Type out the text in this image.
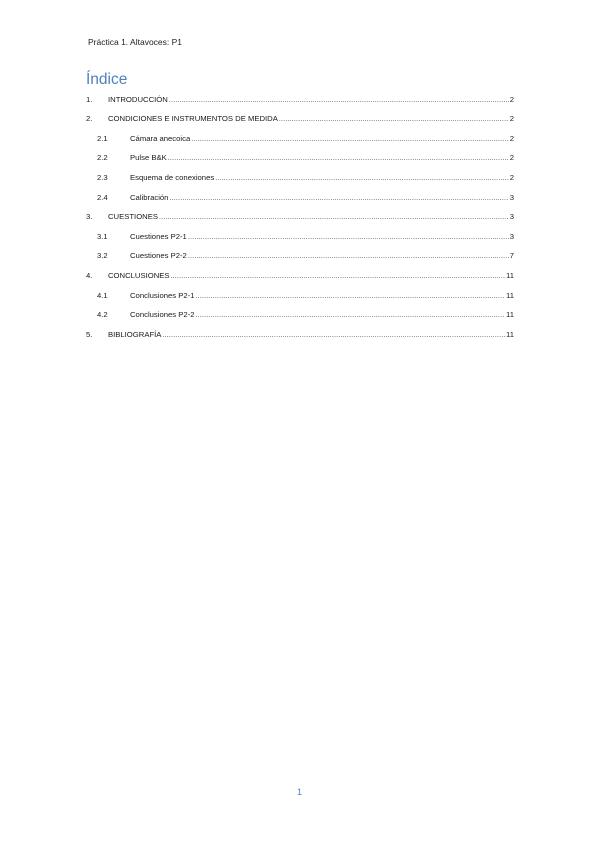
Práctica 1. Altavoces: P1
Índice
1. INTRODUCCIÓN .....	2
2. CONDICIONES E INSTRUMENTOS DE MEDIDA .....	2
2.1	Cámara anecoica .....	2
2.2	Pulse B&K .....	2
2.3	Esquema de conexiones .....	2
2.4	Calibración .....	3
3. CUESTIONES .....	3
3.1	Cuestiones P2-1 .....	3
3.2	Cuestiones P2-2 .....	7
4. CONCLUSIONES .....	11
4.1	Conclusiones P2-1 .....	11
4.2	Conclusiones P2-2 .....	11
5. BIBLIOGRAFÍA .....	11
1
